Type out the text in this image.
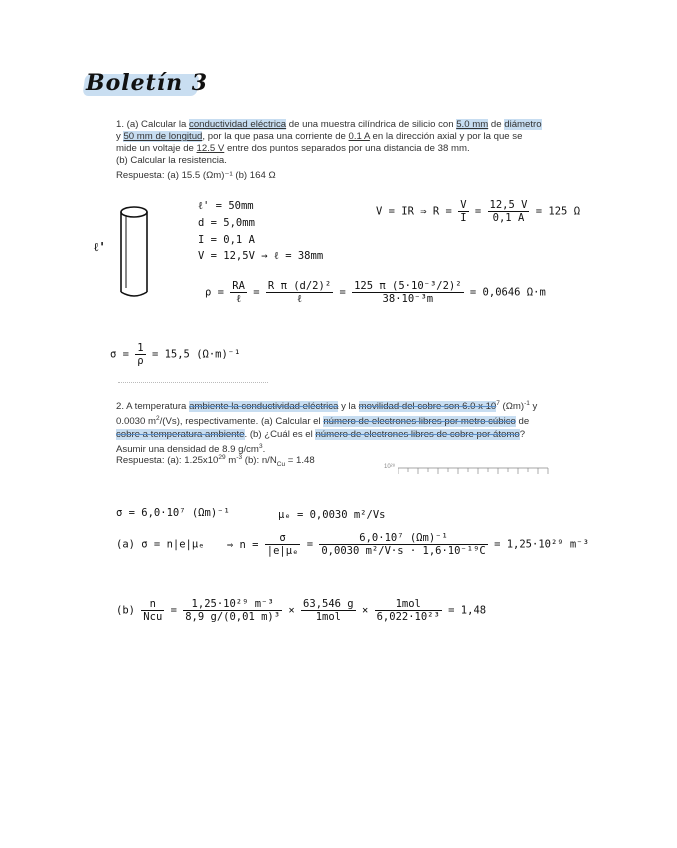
Boletín 3

1. (a) Calcular la conductividad eléctrica de una muestra cilíndrica de silicio con 5.0 mm de diámetro y 50 mm de longitud, por la que pasa una corriente de 0.1 A en la dirección axial y por la que se mide un voltaje de 12.5 V entre dos puntos separados por una distancia de 38 mm.

(b) Calcular la resistencia.

Respuesta: (a) 15.5 (Ωm)⁻¹ (b) 164 Ω
ℓ'
ℓ' = 50mm
d = 5,0mm
I = 0,1 A
V = 12,5V → ℓ = 38mm
V = IR ⇒ $R = \frac{V}{I} = \frac{12,5 V}{0,1 A} = 125$ Ω
$\rho = \frac{RA}{\text{ℓ}} = \frac{\text{R π (d/2)²}}{\text{ℓ}} = \frac{\text{125 π (5·10⁻³/2)²}}{\text{38·10⁻³m}} = 0,0646$ Ω·m
$\sigma = \frac{1}{\rho} = 15,5$ (Ω·m)⁻¹

2. A temperatura ambiente la conductividad eléctrica y la movilidad del cobre son 6.0 x $10^7$ $(\Omega m)^{-1}$ y 0.0030 $m^2/(Vs)$, respectivamente. (a) Calcular el número de electrones libres por metro cúbico de cobre a temperatura ambiente. (b) ¿Cuál es el número de electrones libres de cobre por átomo? Asumir una densidad de 8.9 $g/cm^3$.

Respuesta: (a): $1.25x10^{29}$ $m^{-3}$ (b): $n/N_{Cu} = 1.48$
10²⁸
σ = 6,0·10⁷ (Ωm)⁻¹	μₑ = 0,0030 m²/Vs
(a) σ = n|e|μₑ ⇒ $n = \frac{\sigma}{\text{|e|μₑ}} = \frac{\text{6,0·10⁷ (Ωm)⁻¹}}{\text{0,0030 m²/V·s · 1,6·10⁻¹⁹C}} = 1,25\cdot 10^{29}$ m⁻³
$(b) \frac{n}{\text{Ncu}} = \frac{\text{1,25·10²⁹ m⁻³}}{\text{8,9 g/(0,01 m)³}} \times \frac{63,546 g}{\text{1mol}} \times \frac{\text{1mol}}{\text{6,022·10²³}} = 1,48$
